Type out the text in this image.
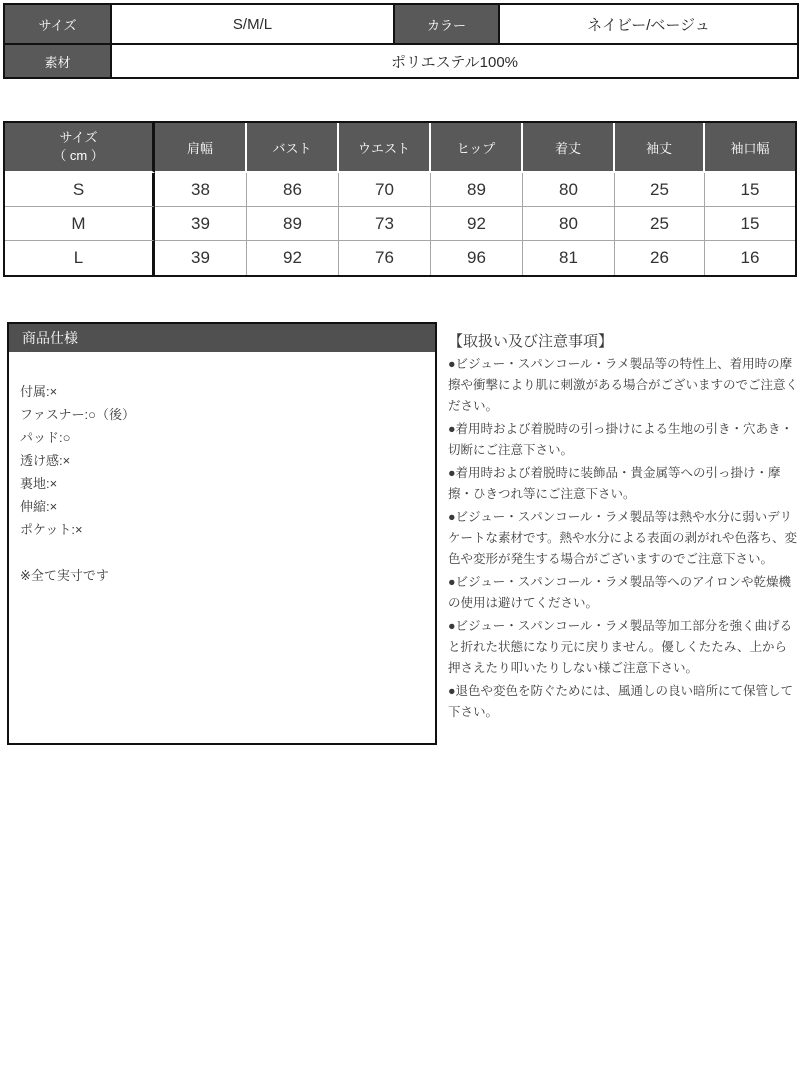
サイズ	S/M/L	カラー	ネイビー/ベージュ
素材	ポリエステル100%		
サイズ
（ cm ）	肩幅	バスト	ウエスト	ヒップ	着丈	袖丈	袖口幅
S	38	86	70	89	80	25	15
M	39	89	73	92	80	25	15
L	39	92	76	96	81	26	16
商品仕様
付属:×
ファスナー:○（後）
パッド:○
透け感:×
裏地:×
伸縮:×
ポケット:×
※全て実寸です
【取扱い及び注意事項】

●ビジュー・スパンコール・ラメ製品等の特性上、着用時の摩擦や衝撃により肌に刺激がある場合がございますのでご注意ください。

●着用時および着脱時の引っ掛けによる生地の引き・穴あき・切断にご注意下さい。

●着用時および着脱時に装飾品・貴金属等への引っ掛け・摩擦・ひきつれ等にご注意下さい。

●ビジュー・スパンコール・ラメ製品等は熱や水分に弱いデリケートな素材です。熱や水分による表面の剥がれや色落ち、変色や変形が発生する場合がございますのでご注意下さい。

●ビジュー・スパンコール・ラメ製品等へのアイロンや乾燥機の使用は避けてください。

●ビジュー・スパンコール・ラメ製品等加工部分を強く曲げると折れた状態になり元に戻りません。優しくたたみ、上から押さえたり叩いたりしない様ご注意下さい。

●退色や変色を防ぐためには、風通しの良い暗所にて保管して下さい。
